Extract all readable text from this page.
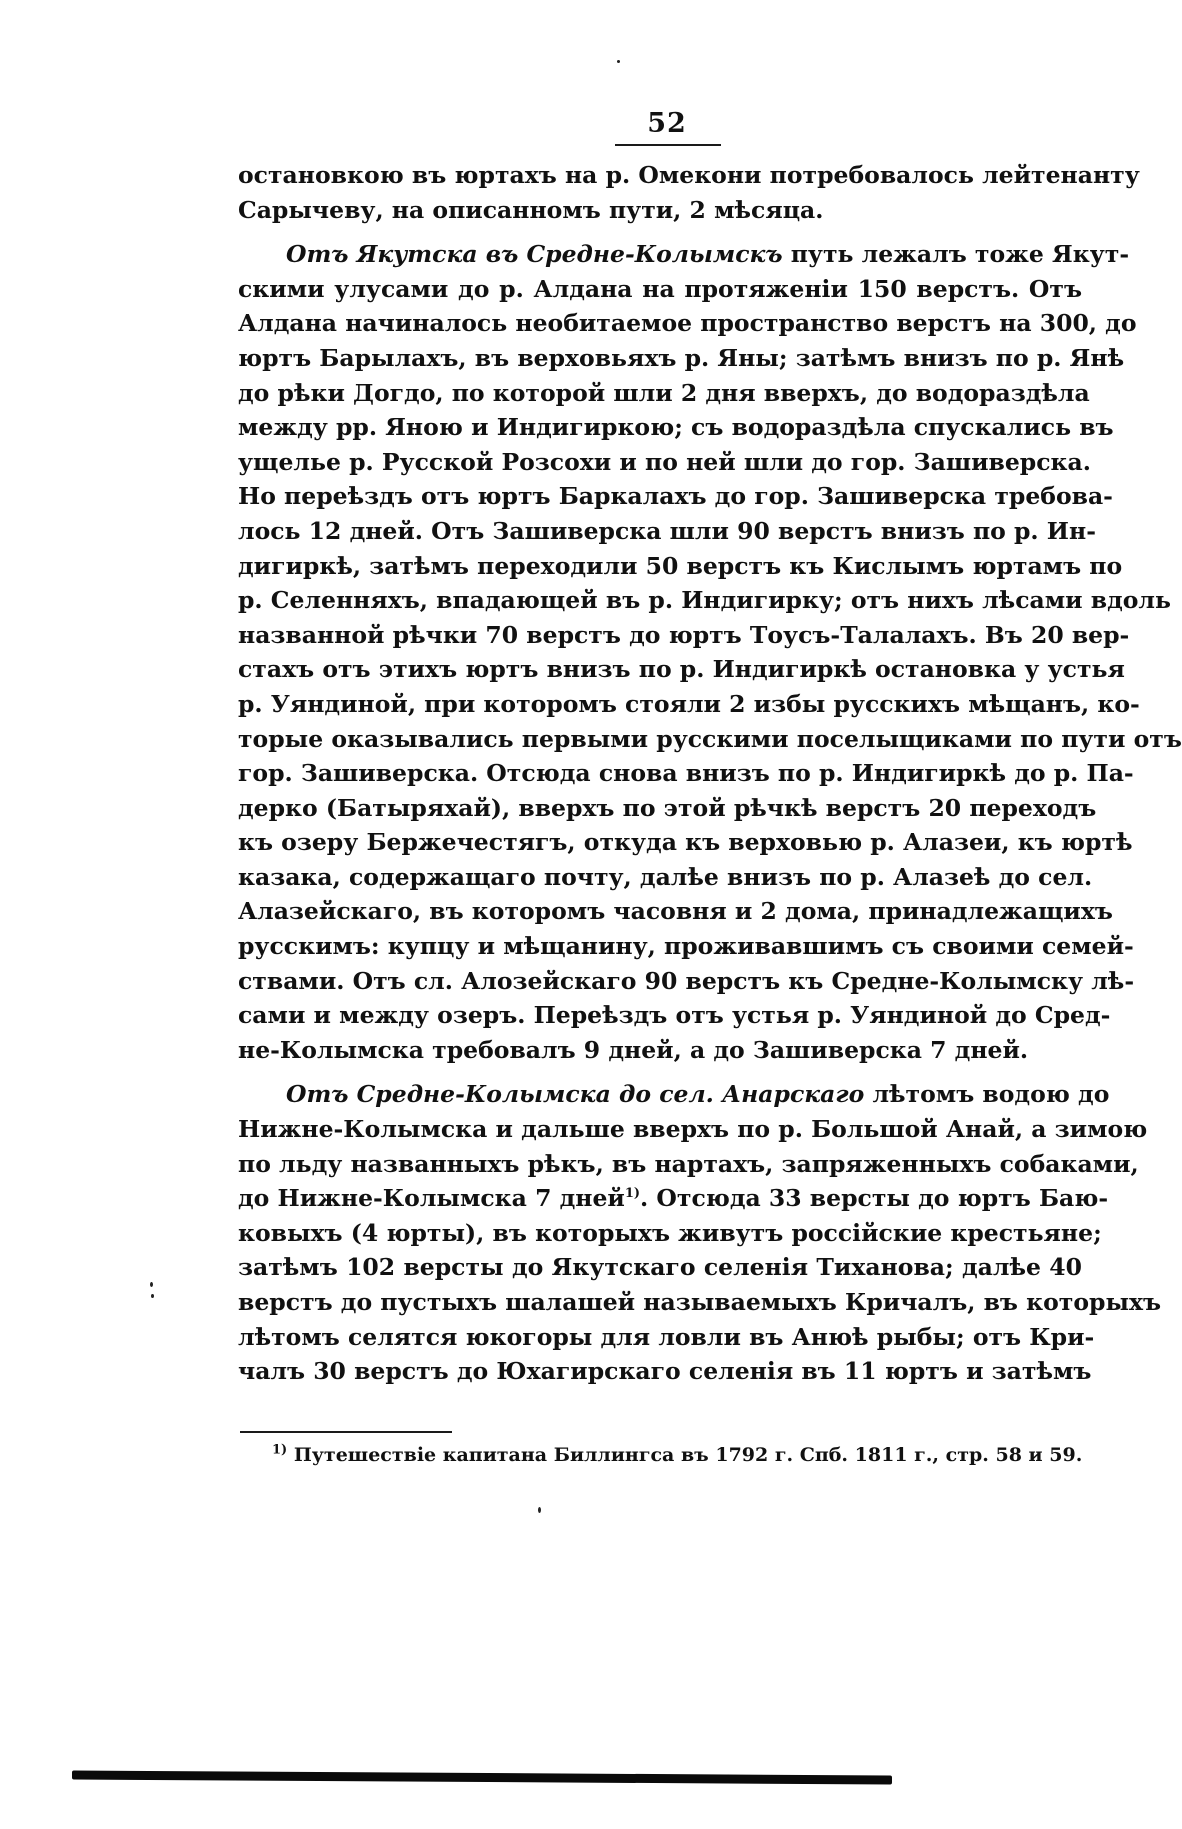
52
остановкою въ юртахъ на р. Омекони потребовалось лейтенанту
Сарычеву, на описанномъ пути, 2 мѣсяца.
Отъ Якутска въ Средне-Колымскъ путь лежалъ тоже Якут-
скими улусами до р. Алдана на протяженiи 150 верстъ. Отъ
Алдана начиналось необитаемое пространство верстъ на 300, до
юртъ Барылахъ, въ верховьяхъ р. Яны; затѣмъ внизъ по р. Янѣ
до рѣки Догдо, по которой шли 2 дня вверхъ, до водораздѣла
между рр. Яною и Индигиркою; съ водораздѣла спускались въ
ущелье р. Русской Розсохи и по ней шли до гор. Зашиверска.
Но переѣздъ отъ юртъ Баркалахъ до гор. Зашиверска требова-
лось 12 дней. Отъ Зашиверска шли 90 верстъ внизъ по р. Ин-
дигиркѣ, затѣмъ переходили 50 верстъ къ Кислымъ юртамъ по
р. Селенняхъ, впадающей въ р. Индигирку; отъ нихъ лѣсами вдоль
названной рѣчки 70 верстъ до юртъ Тоусъ-Талалахъ. Въ 20 вер-
стахъ отъ этихъ юртъ внизъ по р. Индигиркѣ остановка у устья
р. Уяндиной, при которомъ стояли 2 избы русскихъ мѣщанъ, ко-
торые оказывались первыми русскими поселыщиками по пути отъ
гор. Зашиверска. Отсюда снова внизъ по р. Индигиркѣ до р. Па-
дерко (Батыряхай), вверхъ по этой рѣчкѣ верстъ 20 переходъ
къ озеру Бержечестягъ, откуда къ верховью р. Алазеи, къ юртѣ
казака, содержащаго почту, далѣе внизъ по р. Алазеѣ до сел.
Алазейскаго, въ которомъ часовня и 2 дома, принадлежащихъ
русскимъ: купцу и мѣщанину, проживавшимъ съ своими семей-
ствами. Отъ сл. Алозейскаго 90 верстъ къ Средне-Колымску лѣ-
сами и между озеръ. Переѣздъ отъ устья р. Уяндиной до Сред-
не-Колымска требовалъ 9 дней, а до Зашиверска 7 дней.
Отъ Средне-Колымска до сел. Анарскаго лѣтомъ водою до
Нижне-Колымска и дальше вверхъ по р. Большой Анай, а зимою
по льду названныхъ рѣкъ, въ нартахъ, запряженныхъ собаками,
до Нижне-Колымска 7 дней$^{1)}$. Отсюда 33 версты до юртъ Баю-
ковыхъ (4 юрты), въ которыхъ живутъ россiйские крестьяне;
затѣмъ 102 версты до Якутскаго селенiя Тиханова; далѣе 40
верстъ до пустыхъ шалашей называемыхъ Кричалъ, въ которыхъ
лѣтомъ селятся юкогоры для ловли въ Анюѣ рыбы; отъ Кри-
чалъ 30 верстъ до Юхагирскаго селенiя въ 11 юртъ и затѣмъ
$^{1)}$ Путешествiе капитана Биллингса въ 1792 г. Спб. 1811 г., стр. 58 и 59.
